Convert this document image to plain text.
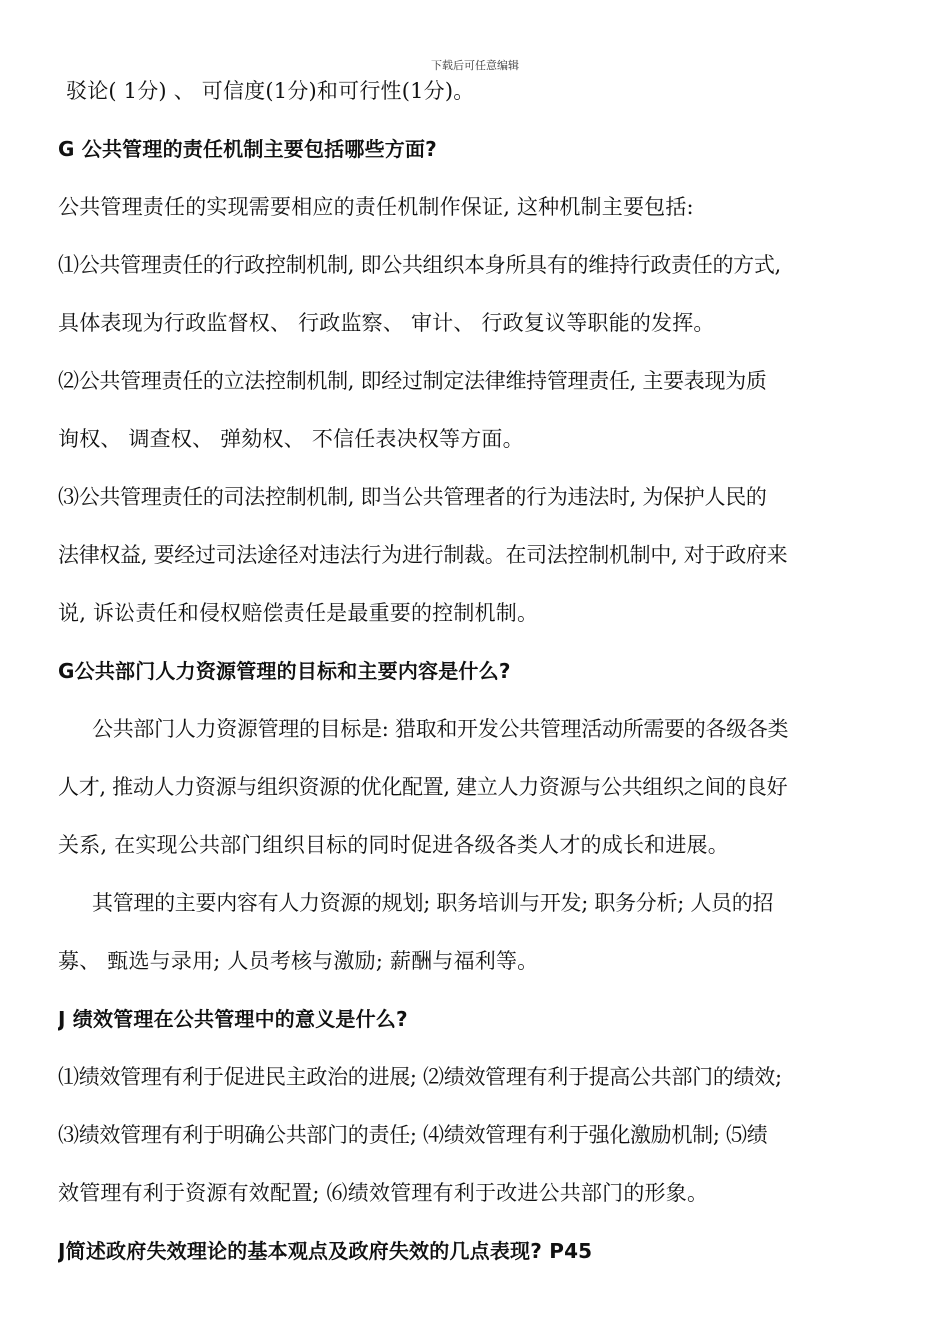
下载后可任意编辑
驳论( 1分) 、 可信度(1分)和可行性(1分)。
G 公共管理的责任机制主要包括哪些方面?
公共管理责任的实现需要相应的责任机制作保证, 这种机制主要包括:
⑴公共管理责任的行政控制机制, 即公共组织本身所具有的维持行政责任的方式,
具体表现为行政监督权、 行政监察、 审计、 行政复议等职能的发挥。
⑵公共管理责任的立法控制机制, 即经过制定法律维持管理责任, 主要表现为质
询权、 调查权、 弹劾权、 不信任表决权等方面。
⑶公共管理责任的司法控制机制, 即当公共管理者的行为违法时, 为保护人民的
法律权益, 要经过司法途径对违法行为进行制裁。在司法控制机制中, 对于政府来
说, 诉讼责任和侵权赔偿责任是最重要的控制机制。
G公共部门人力资源管理的目标和主要内容是什么?
公共部门人力资源管理的目标是: 猎取和开发公共管理活动所需要的各级各类
人才, 推动人力资源与组织资源的优化配置, 建立人力资源与公共组织之间的良好
关系, 在实现公共部门组织目标的同时促进各级各类人才的成长和进展。
其管理的主要内容有人力资源的规划; 职务培训与开发; 职务分析; 人员的招
募、 甄选与录用; 人员考核与激励; 薪酬与福利等。
J 绩效管理在公共管理中的意义是什么?
⑴绩效管理有利于促进民主政治的进展; ⑵绩效管理有利于提高公共部门的绩效;
⑶绩效管理有利于明确公共部门的责任; ⑷绩效管理有利于强化激励机制; ⑸绩
效管理有利于资源有效配置; ⑹绩效管理有利于改进公共部门的形象。
J简述政府失效理论的基本观点及政府失效的几点表现? P45
